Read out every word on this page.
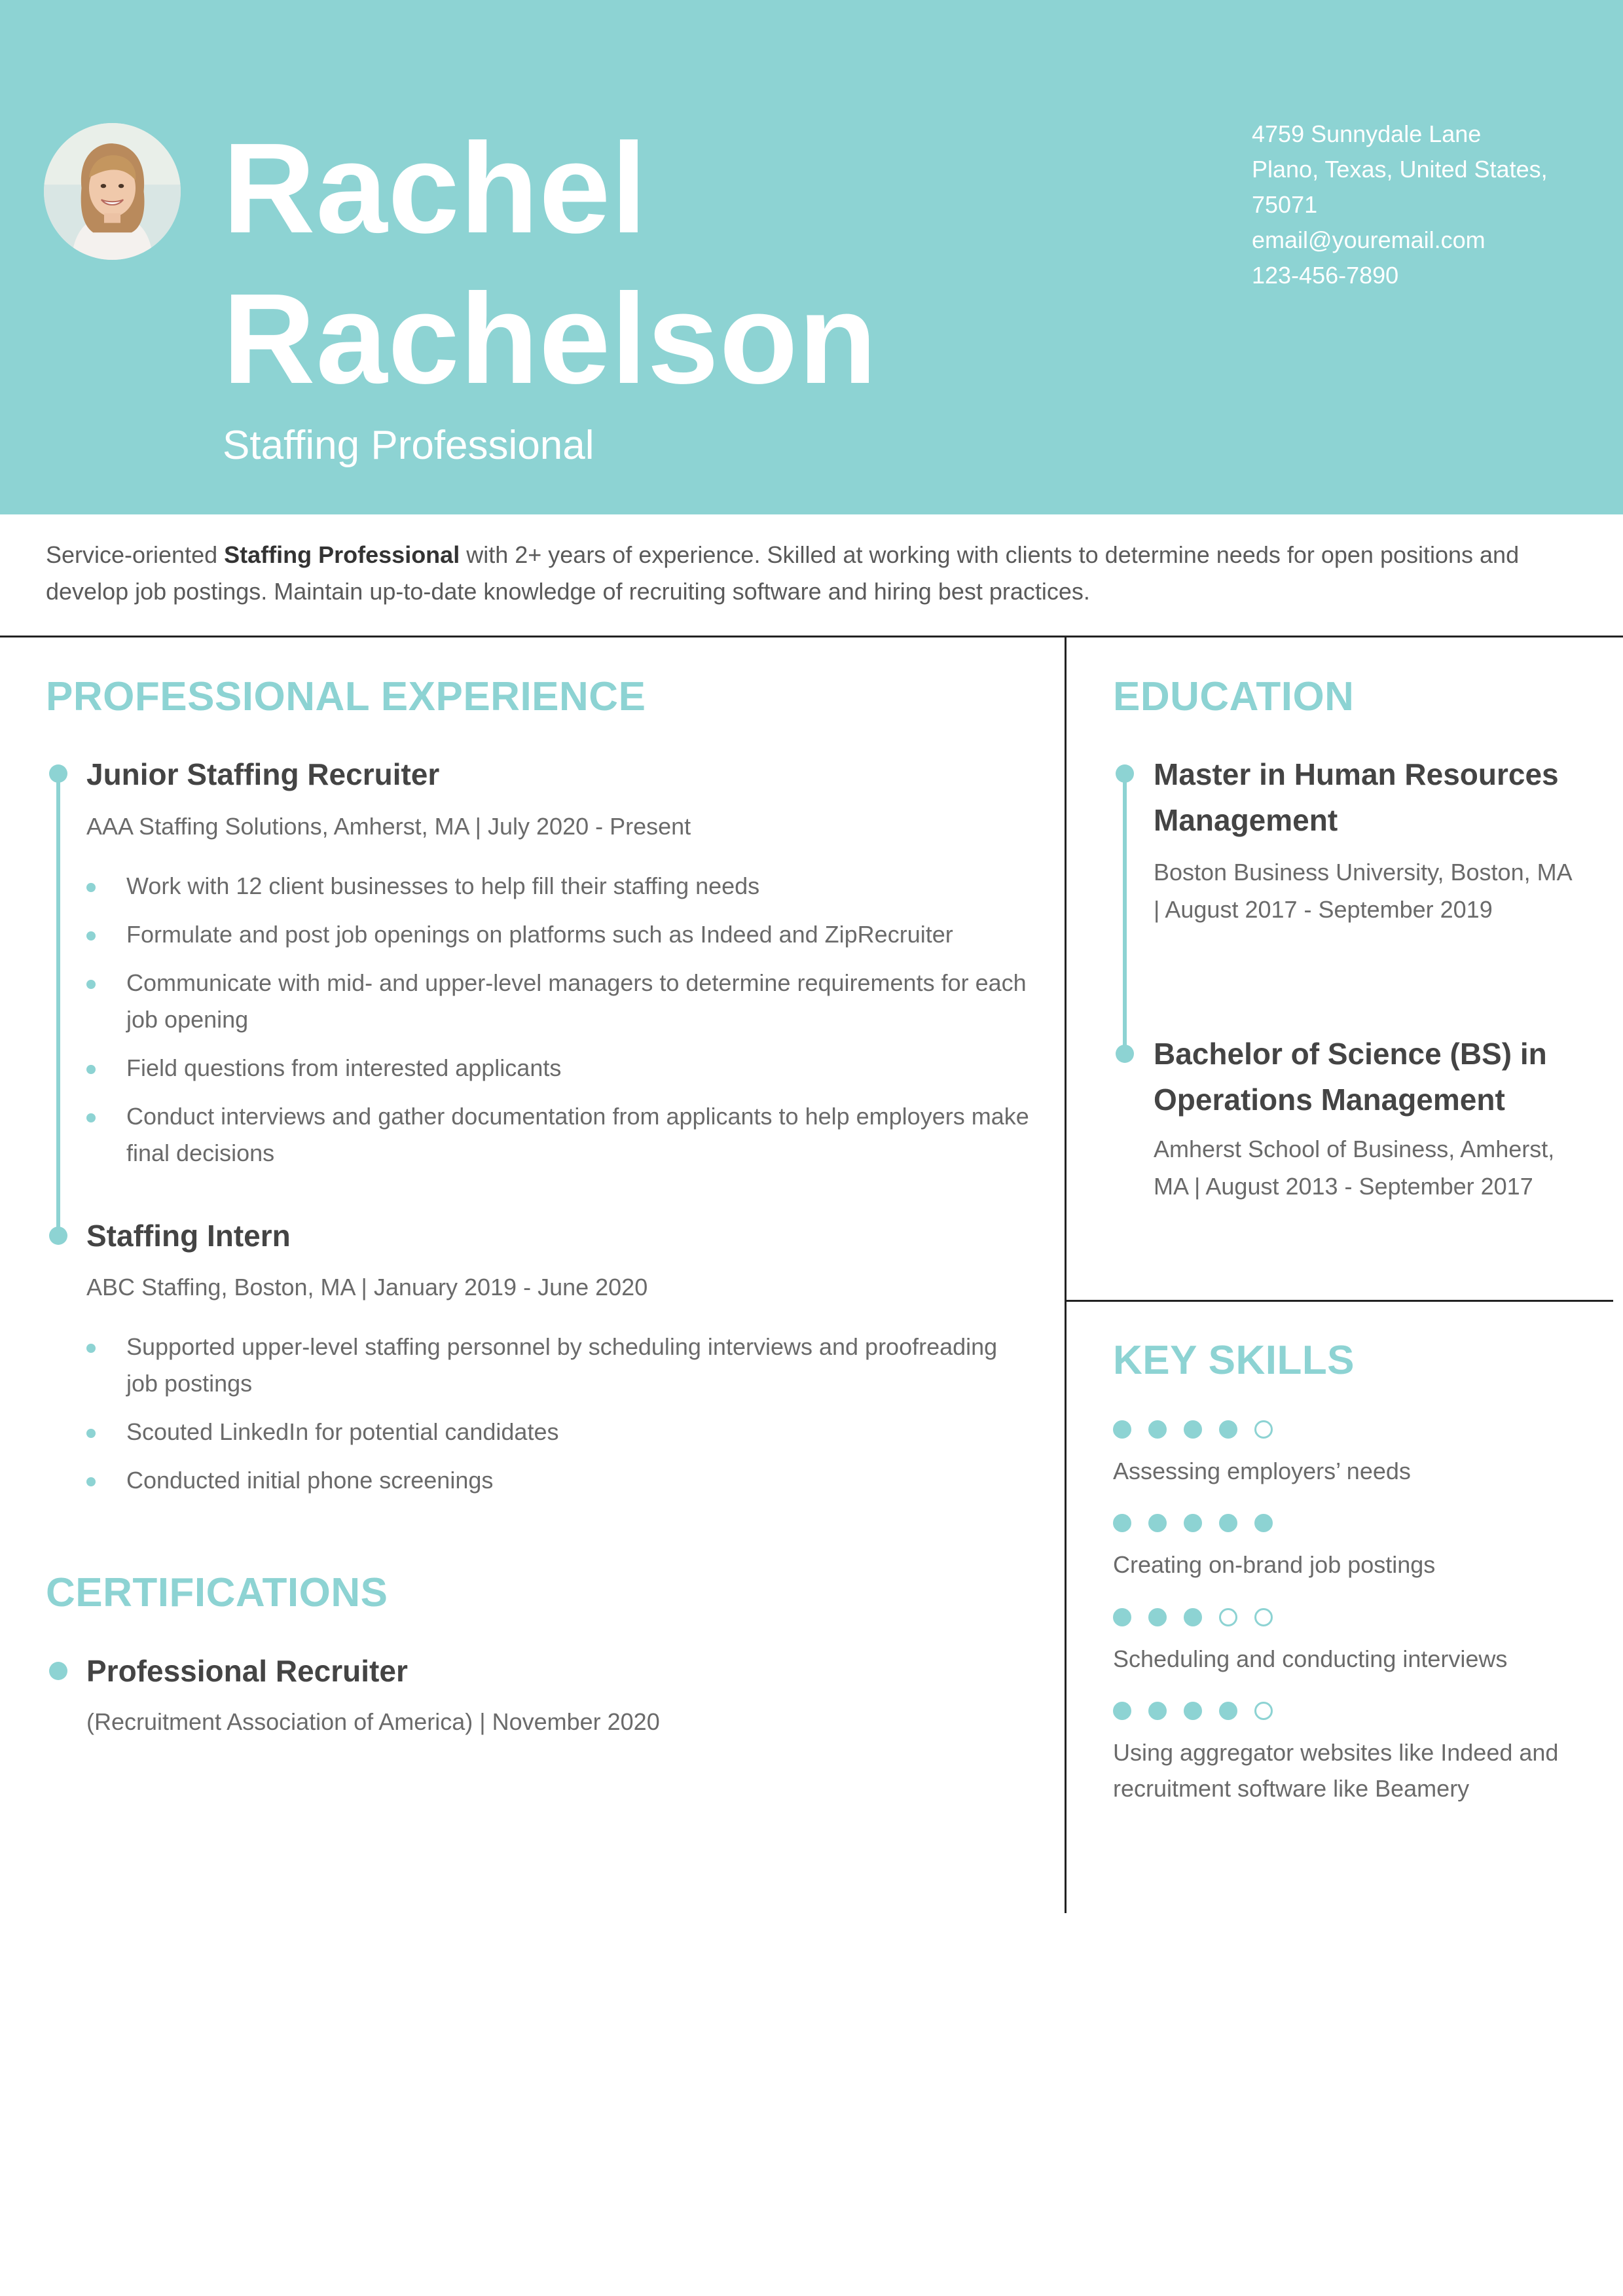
Rachel
Rachelson
Staffing Professional
4759 Sunnydale Lane
Plano, Texas, United States,
75071
email@youremail.com
123-456-7890
Service-oriented Staffing Professional with 2+ years of experience. Skilled at working with clients to determine needs for open positions and develop job postings. Maintain up-to-date knowledge of recruiting software and hiring best practices.
PROFESSIONAL EXPERIENCE
Junior Staffing Recruiter
AAA Staffing Solutions, Amherst, MA | July 2020 - Present
Work with 12 client businesses to help fill their staffing needs
Formulate and post job openings on platforms such as Indeed and ZipRecruiter
Communicate with mid- and upper-level managers to determine requirements for each job opening
Field questions from interested applicants
Conduct interviews and gather documentation from applicants to help employers make final decisions
Staffing Intern
ABC Staffing, Boston, MA | January 2019 - June 2020
Supported upper-level staffing personnel by scheduling interviews and proofreading job postings
Scouted LinkedIn for potential candidates
Conducted initial phone screenings
CERTIFICATIONS
Professional Recruiter
(Recruitment Association of America) | November 2020
EDUCATION
Master in Human Resources Management
Boston Business University, Boston, MA | August 2017 - September 2019
Bachelor of Science (BS) in Operations Management
Amherst School of Business, Amherst, MA | August 2013 - September 2017
KEY SKILLS
Assessing employers’ needs
Creating on-brand job postings
Scheduling and conducting interviews
Using aggregator websites like Indeed and recruitment software like Beamery
